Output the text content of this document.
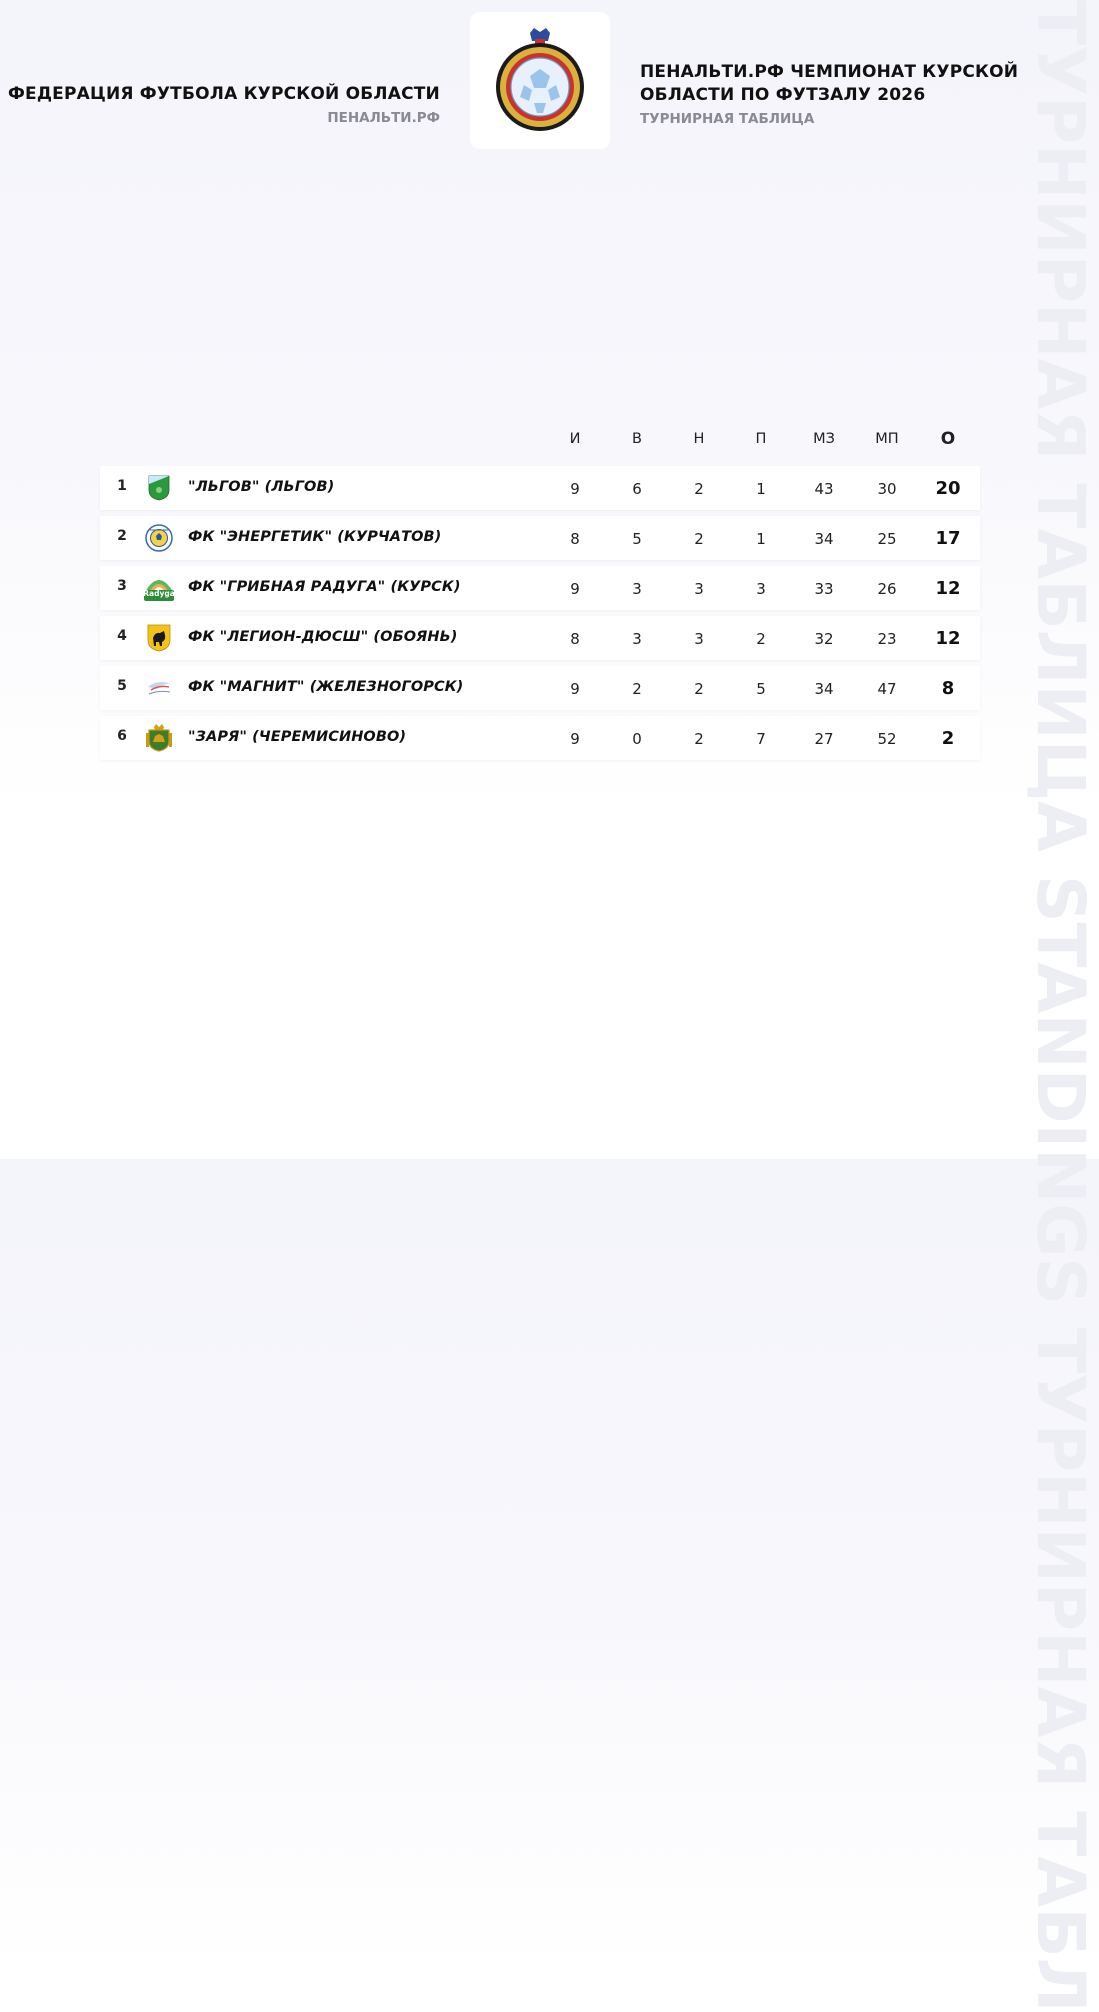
ТУРНИРНАЯ ТАБЛИЦА STANDINGS ТУРНИРНАЯ ТАБЛ
ФЕДЕРАЦИЯ ФУТБОЛА КУРСКОЙ ОБЛАСТИ
ПЕНАЛЬТИ.РФ
ПЕНАЛЬТИ.РФ ЧЕМПИОНАТ КУРСКОЙ ОБЛАСТИ ПО ФУТЗАЛУ 2026
ТУРНИРНАЯ ТАБЛИЦА
И	В	Н	П	МЗ	МП	О
1	"ЛЬГОВ" (ЛЬГОВ)	9	6	2	1	43	30	20
2	ФК "ЭНЕРГЕТИК" (КУРЧАТОВ)	8	5	2	1	34	25	17
3	Radyga ФК "ГРИБНАЯ РАДУГА" (КУРСК)	9	3	3	3	33	26	12
4	ФК "ЛЕГИОН-ДЮСШ" (ОБОЯНЬ)	8	3	3	2	32	23	12
5	ФК "МАГНИТ" (ЖЕЛЕЗНОГОРСК)	9	2	2	5	34	47	8
6	"ЗАРЯ" (ЧЕРЕМИСИНОВО)	9	0	2	7	27	52	2
